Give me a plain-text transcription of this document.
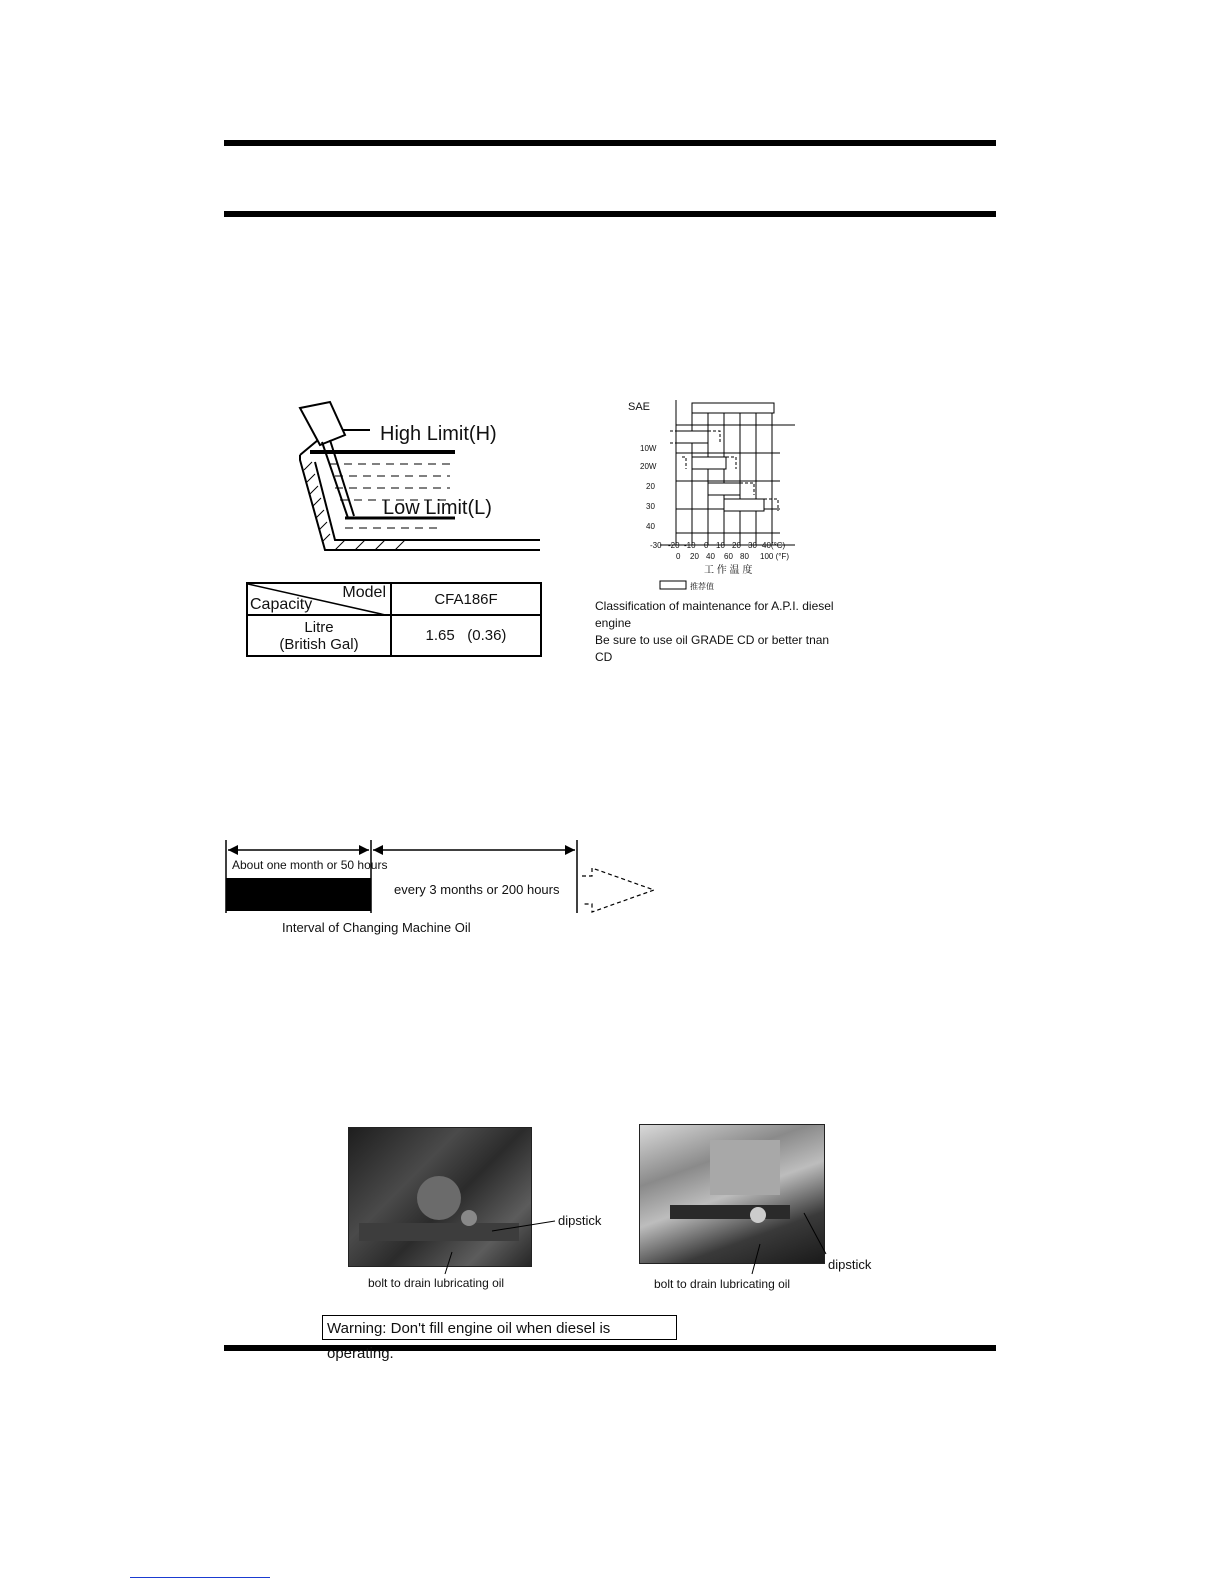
High Limit(H)
Low Limit(L)
Model
Capacity	CFA186F

Litre
(British Gal)	1.65   (0.36)
SAE
10W
20W
20
30
40
-30 -20 -10 0 10 20 30 40(°C)
0 20 40 60 80 100 (°F)
工 作 温 度
推荐值
Classification of maintenance for A.P.I. diesel
engine
Be sure to use oil GRADE CD or better tnan
CD
About one month or 50 hours
every 3 months or 200 hours
Interval of Changing Machine Oil
dipstick
bolt to drain lubricating oil
dipstick
bolt to drain lubricating oil
Warning: Don't fill engine oil when diesel is operating.
